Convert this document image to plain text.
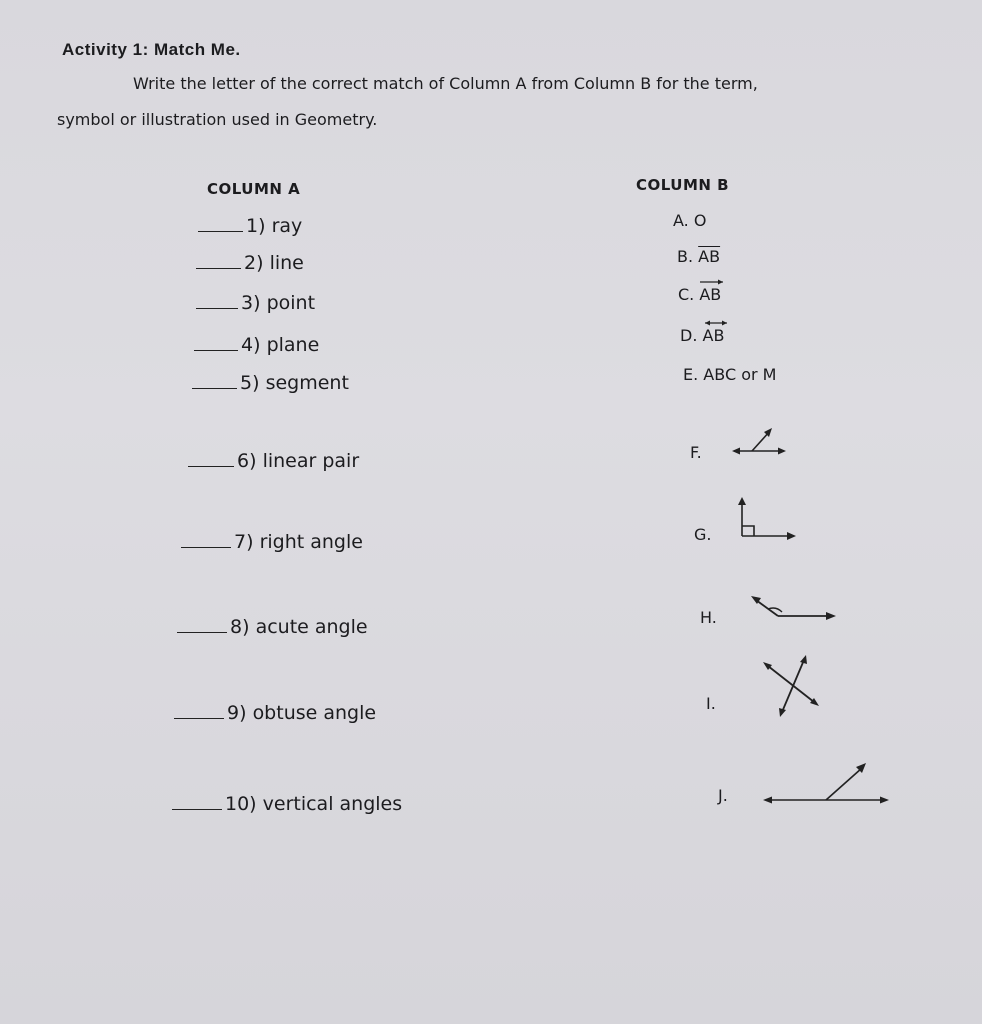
Activity 1: Match Me.
Write the letter of the correct match of Column A from Column B for the term,
symbol or illustration used in Geometry.
COLUMN A	COLUMN B
1) ray
2) line
3) point
4) plane
5) segment
6) linear pair
7) right angle
8) acute angle
9) obtuse angle
10) vertical angles
A. O
B. $\overline{AB}$
C. AB
D. AB
E. ABC or M
F.
G.
H.
I.
J.
